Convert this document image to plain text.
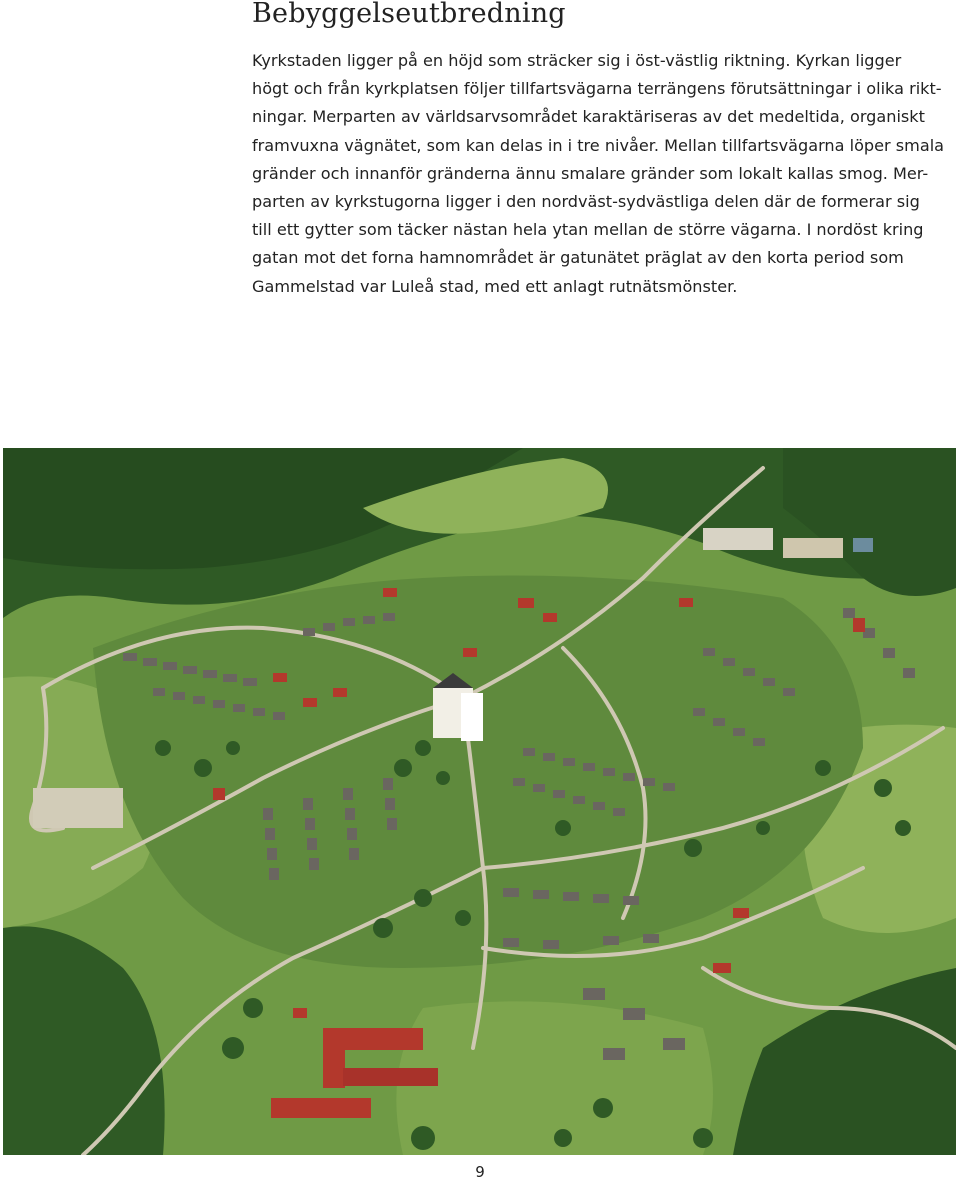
Bebyggelseutbredning
Kyrkstaden ligger på en höjd som sträcker sig i öst-västlig riktning. Kyrkan ligger
högt och från kyrkplatsen följer tillfartsvägarna terrängens förutsättningar i olika rikt-
ningar. Merparten av världsarvsområdet karaktäriseras av det medeltida, organiskt
framvuxna vägnätet, som kan delas in i tre nivåer. Mellan tillfartsvägarna löper smala
gränder och innanför gränderna ännu smalare gränder som lokalt kallas smog. Mer-
parten av kyrkstugorna ligger i den nordväst-sydvästliga delen där de formerar sig
till ett gytter som täcker nästan hela ytan mellan de större vägarna. I nordöst kring
gatan mot det forna hamnområdet är gatunätet präglat av den korta period som
Gammelstad var Luleå stad, med ett anlagt rutnätsmönster.
9
